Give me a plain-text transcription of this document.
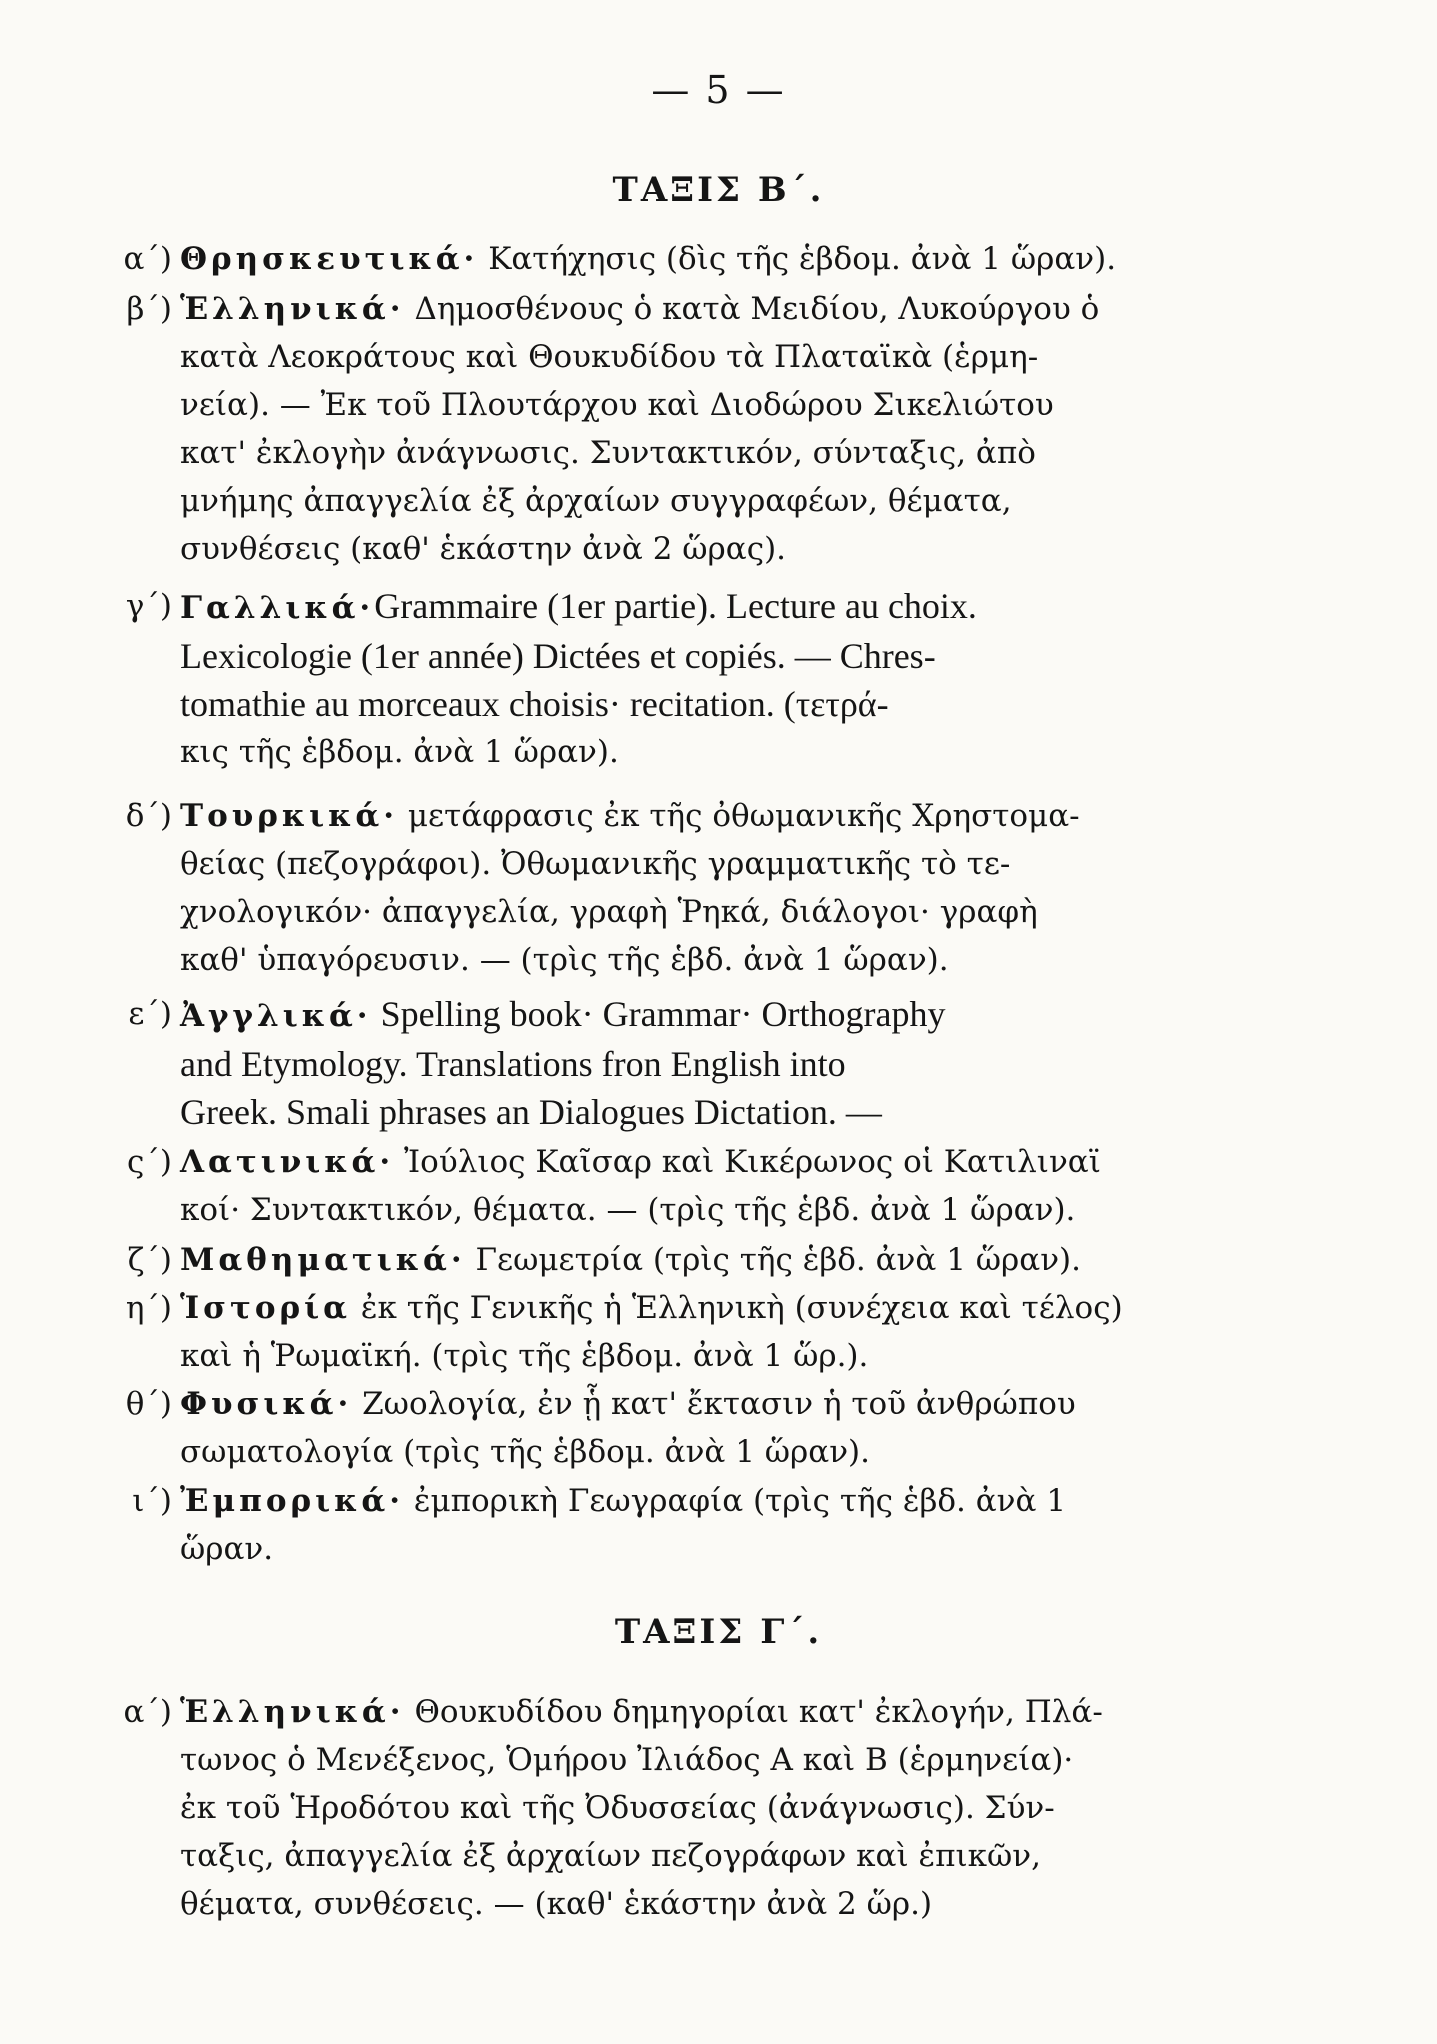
— 5 —
ΤΑΞΙΣ Β΄.
α΄) Θρησκευτικά· Κατήχησις (δὶς τῆς ἑβδομ. ἀνὰ 1 ὥραν).
β΄) Ἑλληνικά· Δημοσθένους ὁ κατὰ Μειδίου, Λυκούργου ὁ
κατὰ Λεοκράτους καὶ Θουκυδίδου τὰ Πλαταϊκὰ (ἑρμη-
νεία). — Ἐκ τοῦ Πλουτάρχου καὶ Διοδώρου Σικελιώτου
κατ' ἐκλογὴν ἀνάγνωσις. Συντακτικόν, σύνταξις, ἀπὸ
μνήμης ἀπαγγελία ἐξ ἀρχαίων συγγραφέων, θέματα,
συνθέσεις (καθ' ἑκάστην ἀνὰ 2 ὥρας).
γ΄) Γαλλικά·Grammaire (1er partie). Lecture au choix.
Lexicologie (1er année) Dictées et copiés. — Chres-
tomathie au morceaux choisis· recitation. (τετρά-
κις τῆς ἑβδομ. ἀνὰ 1 ὥραν).
δ΄) Τουρκικά· μετάφρασις ἐκ τῆς ὀθωμανικῆς Χρηστομα-
θείας (πεζογράφοι). Ὀθωμανικῆς γραμματικῆς τὸ τε-
χνολογικόν· ἀπαγγελία, γραφὴ Ῥηκά, διάλογοι· γραφὴ
καθ' ὑπαγόρευσιν. — (τρὶς τῆς ἑβδ. ἀνὰ 1 ὥραν).
ε΄) Ἀγγλικά· Spelling book· Grammar· Orthography
and Etymology. Translations fron English into
Greek. Smali phrases an Dialogues Dictation. —
ς΄) Λατινικά· Ἰούλιος Καῖσαρ καὶ Κικέρωνος οἱ Κατιλιναϊ
κοί· Συντακτικόν, θέματα. — (τρὶς τῆς ἑβδ. ἀνὰ 1 ὥραν).
ζ΄) Μαθηματικά· Γεωμετρία (τρὶς τῆς ἑβδ. ἀνὰ 1 ὥραν).
η΄) Ἱστορία ἐκ τῆς Γενικῆς ἡ Ἑλληνικὴ (συνέχεια καὶ τέλος)
καὶ ἡ Ῥωμαϊκή. (τρὶς τῆς ἑβδομ. ἀνὰ 1 ὥρ.).
θ΄) Φυσικά· Ζωολογία, ἐν ᾗ κατ' ἔκτασιν ἡ τοῦ ἀνθρώπου
σωματολογία (τρὶς τῆς ἑβδομ. ἀνὰ 1 ὥραν).
ι΄) Ἐμπορικά· ἐμπορικὴ Γεωγραφία (τρὶς τῆς ἑβδ. ἀνὰ 1
ὥραν.
ΤΑΞΙΣ Γ΄.
α΄) Ἑλληνικά· Θουκυδίδου δημηγορίαι κατ' ἐκλογήν, Πλά-
τωνος ὁ Μενέξενος, Ὁμήρου Ἰλιάδος Α καὶ Β (ἑρμηνεία)·
ἐκ τοῦ Ἡροδότου καὶ τῆς Ὀδυσσείας (ἀνάγνωσις). Σύν-
ταξις, ἀπαγγελία ἐξ ἀρχαίων πεζογράφων καὶ ἐπικῶν,
θέματα, συνθέσεις. — (καθ' ἑκάστην ἀνὰ 2 ὥρ.)
